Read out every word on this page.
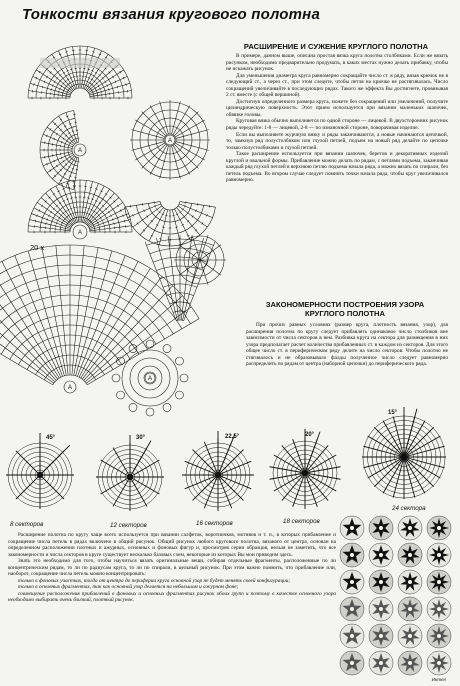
Тонкости вязания кругового полотна
А
А
А
А
А
20 х
РАСШИРЕНИЕ И СУЖЕНИЕ КРУГЛОГО ПОЛОТНА

В примере, данном выше, описана простая вязка круга полотна столбиками. Если же вязать рисунком, необходимо предварительно продумать, в каких местах нужно делать прибавку, чтобы не искажать рисунок.

Для уменьшения диаметра круга равномерно сокращайте число ст. в ряду, вязав крючок не в следующий ст., а через ст., при этом следите, чтобы петля на крючке не растягивалась. Число сокращений увеличивайте в последующих рядах. Такого же эффекта Вы достигнете, провязывая 2 ст. вместе (с общей вершиной).

Достигнув определенного размера круга, можете без сокращений или увеличений, получите цилиндрическую поверхность. Этот прием используется при вязании маленьких шапочек, обвязке головы.

Круговая вязка обычно выполняется по одной стороне — лицевой. В двухсторонних рисунок ряды чередуйте: 1-8 — лицевой, 2-8 — по изнаночной стороне, поворачивая изделие.

Если вы выполняете журчную вязку и ряды заканчиваются, а новые начинаются цепочкой, то, замкнув ряд полустолбиком или глухой петлей, подъем на новый ряд делайте по цепочке только полустолбиками и глухой петлей.

Такое расширение используется при вязании шапочек, беретов и декоративных изделий круглой и овальной формы. Прибавление можно делать по рядам, с петлями подъема, заканчивая каждый ряд глухой петлей в верхнюю петлю подъема начала ряда, а можно вязать по спирали, без петель подъема. Во втором случае следует помнить точки начала ряда, чтобы круг увеличивался равномерно.

ЗАКОНОМЕРНОСТИ ПОСТРОЕНИЯ УЗОРА КРУГЛОГО ПОЛОТНА

При прочих равных условиях (размер круга, плотность вязания, узор), для расширения полотна по кругу следует прибавлять одинаковое число столбиков вне зависимости от числа секторов в нем. Разбивка круга на сектора для размещения в них узора предполагает расчет количества прибавленных ст. в каждом из секторов. Для этого общее число ст. в периферическом ряду делите на число секторов. Чтобы полотно не стягивалось и не образовывало фалды полученное число следует равномерно распределить по рядам от центра (наборной цепочки) до периферического ряда.

45°	30°	22,5°	20°
15°
8 секторов	12 секторов	16 секторов	18 секторов
24 сектора

Расширение полотна по кругу чаще всего используется при вязании салфеток, воротничков, мотивов и т. п., в которых прибавление и сокращение числа петель в рядах включено в общий рисунок. Общий рисунок любого кругового полотна, вязаного от центра, основан на определенном расположении плотных и ажурных, основных и фоновых фигур и, просмотрев серии образцов, нельзя не заметить, что все закономерности и числа секторов в круге существует несколько базовых схем, некоторые из которых Вы мои приводим здесь.

Знать это необходимо для того, чтобы научиться вязать оригинальные вещи, собирая отдельные фрагменты, расположенные по ли концентрическим рядам, то ли по радиусам круга, то ли по спирали, в цельный рисунок. При этом важно помнить, что прибавление или, наоборот, сокращение числа петель можно концентрировать:

только в фоновых участках, тогда от центра до периферии круга основной узор не будет менять своей конфигурации;

только в основных фрагментах, так как основной узор делается на небольшом и ажурном фоне;

совмещение расположения прибавлений в фоновых и основных фрагментах рисунок обоих групп и поэтому в качестве основного узора необходимо выбирать очень близкий, плотный рисунок.

Интел
